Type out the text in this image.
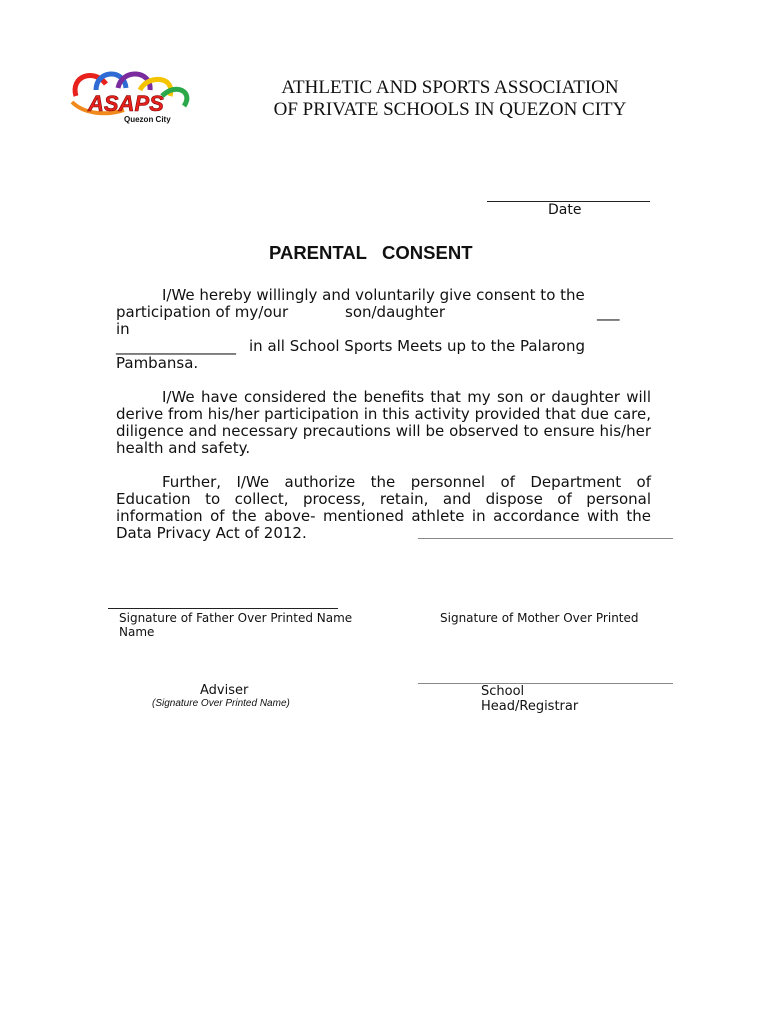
ASAPS
Quezon City
ATHLETIC AND SPORTS ASSOCIATION
OF PRIVATE SCHOOLS IN QUEZON CITY
Date
PARENTAL   CONSENT
I/We hereby willingly and voluntarily give consent to the
participation of my/our	son/daughter	___
in
________________ in all School Sports Meets up to the Palarong
Pambansa.
I/We have considered the benefits that my son or daughter will derive from his/her participation in this activity provided that due care, diligence and necessary precautions will be observed to ensure his/her health and safety.
Further, I/We authorize the personnel of Department of Education to collect, process, retain, and dispose of personal information of the above- mentioned athlete in accordance with the Data Privacy Act of 2012.
Signature of Father Over Printed Name Name
Signature of Mother Over Printed
Adviser
(Signature Over Printed Name)
School Head/Registrar
